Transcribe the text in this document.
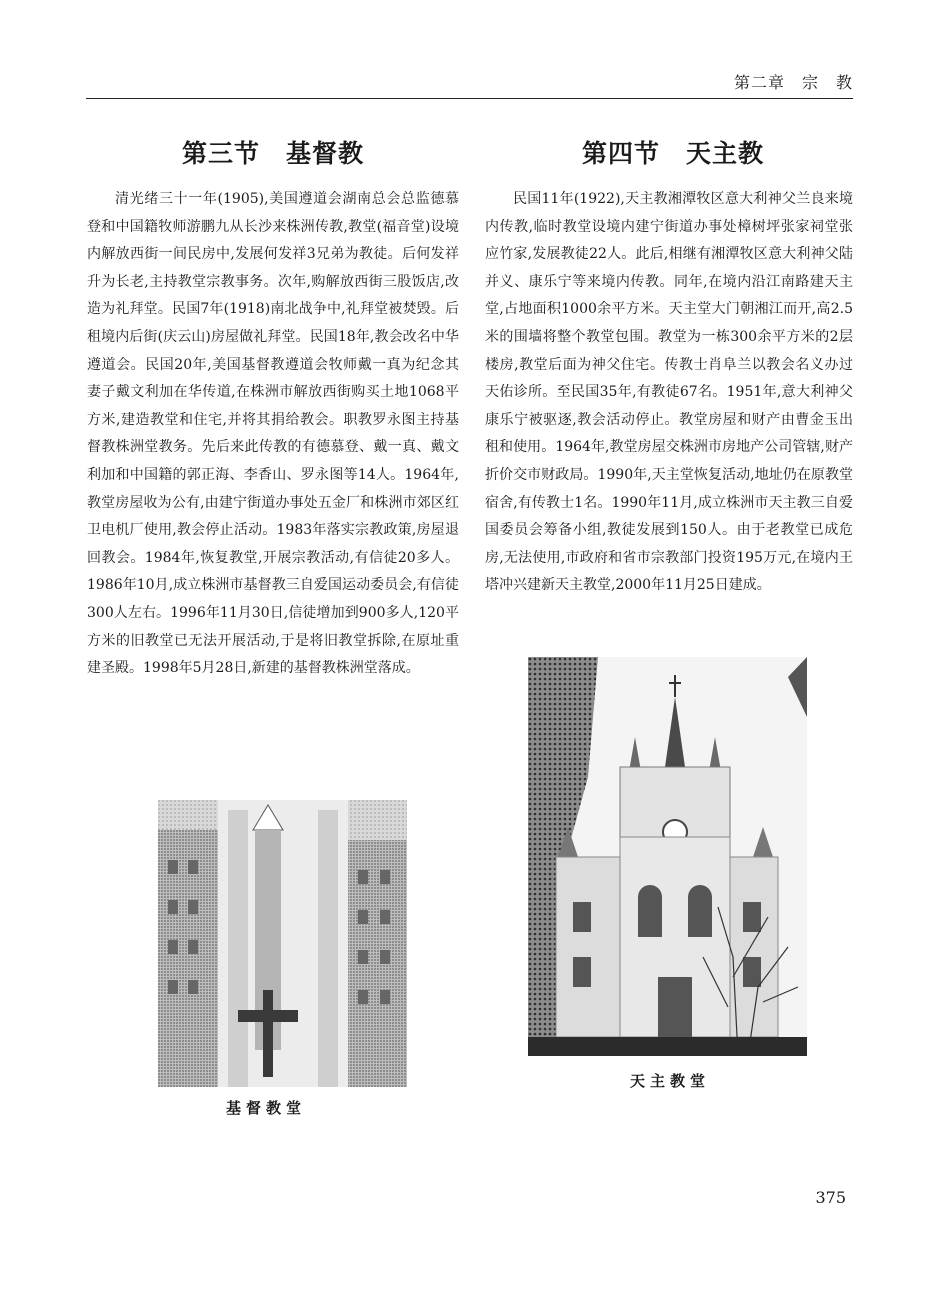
第二章　宗　教
第三节　基督教
清光绪三十一年(1905),美国遵道会湖南总会总监德慕登和中国籍牧师游鹏九从长沙来株洲传教,教堂(福音堂)设境内解放西街一间民房中,发展何发祥3兄弟为教徒。后何发祥升为长老,主持教堂宗教事务。次年,购解放西街三股饭店,改造为礼拜堂。民国7年(1918)南北战争中,礼拜堂被焚毁。后租境内后街(庆云山)房屋做礼拜堂。民国18年,教会改名中华遵道会。民国20年,美国基督教遵道会牧师戴一真为纪念其妻子戴文利加在华传道,在株洲市解放西街购买土地1068平方米,建造教堂和住宅,并将其捐给教会。职教罗永图主持基督教株洲堂教务。先后来此传教的有德慕登、戴一真、戴文利加和中国籍的郭正海、李香山、罗永图等14人。1964年,教堂房屋收为公有,由建宁街道办事处五金厂和株洲市郊区红卫电机厂使用,教会停止活动。1983年落实宗教政策,房屋退回教会。1984年,恢复教堂,开展宗教活动,有信徒20多人。1986年10月,成立株洲市基督教三自爱国运动委员会,有信徒300人左右。1996年11月30日,信徒增加到900多人,120平方米的旧教堂已无法开展活动,于是将旧教堂拆除,在原址重建圣殿。1998年5月28日,新建的基督教株洲堂落成。
基督教堂
第四节　天主教
民国11年(1922),天主教湘潭牧区意大利神父兰良来境内传教,临时教堂设境内建宁街道办事处樟树坪张家祠堂张应竹家,发展教徒22人。此后,相继有湘潭牧区意大利神父陆并义、康乐宁等来境内传教。同年,在境内沿江南路建天主堂,占地面积1000余平方米。天主堂大门朝湘江而开,高2.5米的围墙将整个教堂包围。教堂为一栋300余平方米的2层楼房,教堂后面为神父住宅。传教士肖阜兰以教会名义办过天佑诊所。至民国35年,有教徒67名。1951年,意大利神父康乐宁被驱逐,教会活动停止。教堂房屋和财产由曹金玉出租和使用。1964年,教堂房屋交株洲市房地产公司管辖,财产折价交市财政局。1990年,天主堂恢复活动,地址仍在原教堂宿舍,有传教士1名。1990年11月,成立株洲市天主教三自爱国委员会筹备小组,教徒发展到150人。由于老教堂已成危房,无法使用,市政府和省市宗教部门投资195万元,在境内王塔冲兴建新天主教堂,2000年11月25日建成。
天主教堂
375
